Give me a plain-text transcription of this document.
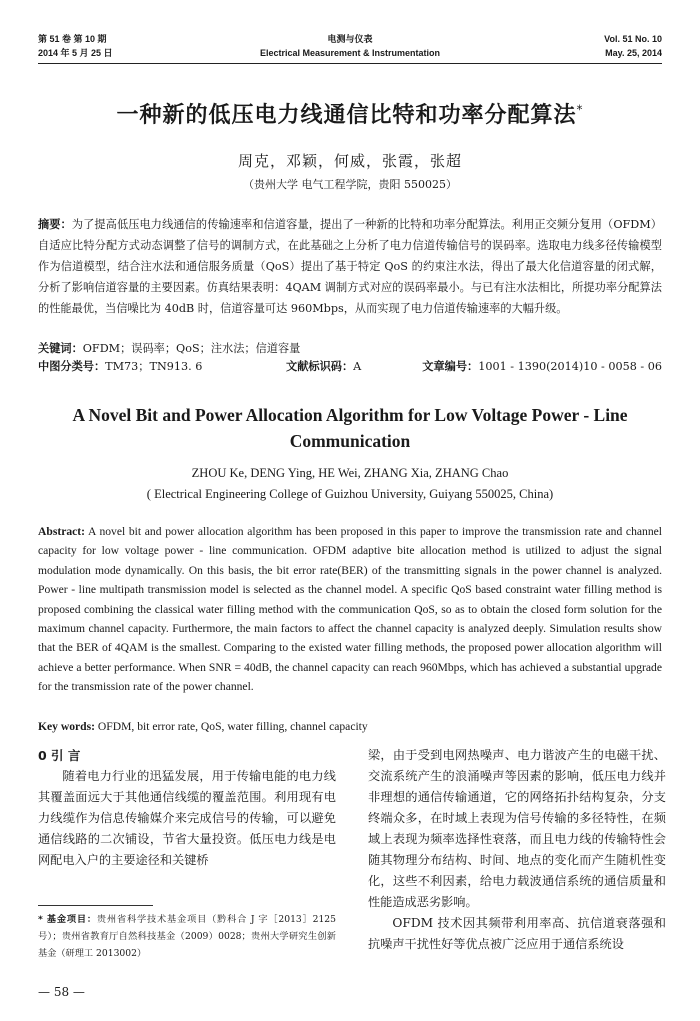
第 51 卷 第 10 期
2014 年 5 月 25 日
电测与仪表
Electrical Measurement & Instrumentation
Vol. 51 No. 10
May. 25, 2014
一种新的低压电力线通信比特和功率分配算法*
周克，邓颖，何威，张霞，张超
（贵州大学 电气工程学院，贵阳 550025）
摘要：为了提高低压电力线通信的传输速率和信道容量，提出了一种新的比特和功率分配算法。利用正交频分复用（OFDM）自适应比特分配方式动态调整了信号的调制方式，在此基础之上分析了电力信道传输信号的误码率。选取电力线多径传输模型作为信道模型，结合注水法和通信服务质量（QoS）提出了基于特定 QoS 的约束注水法，得出了最大化信道容量的闭式解，分析了影响信道容量的主要因素。仿真结果表明：4QAM 调制方式对应的误码率最小。与已有注水法相比，所提功率分配算法的性能最优，当信噪比为 40dB 时，信道容量可达 960Mbps，从而实现了电力信道传输速率的大幅升级。
关键词：OFDM；误码率；QoS；注水法；信道容量
中图分类号：TM73；TN913. 6	文献标识码：A	文章编号：1001 - 1390(2014)10 - 0058 - 06
A Novel Bit and Power Allocation Algorithm for Low Voltage Power - Line Communication
ZHOU Ke, DENG Ying, HE Wei, ZHANG Xia, ZHANG Chao
( Electrical Engineering College of Guizhou University, Guiyang 550025, China)
Abstract: A novel bit and power allocation algorithm has been proposed in this paper to improve the transmission rate and channel capacity for low voltage power - line communication. OFDM adaptive bite allocation method is utilized to adjust the signal modulation mode dynamically. On this basis, the bit error rate(BER) of the transmitting signals in the power channel is analyzed. Power - line multipath transmission model is selected as the channel model. A specific QoS based constraint water filling method is proposed combining the classical water filling method with the communication QoS, so as to obtain the closed form solution for the maximum channel capacity. Furthermore, the main factors to affect the channel capacity is analyzed deeply. Simulation results show that the BER of 4QAM is the smallest. Comparing to the existed water filling methods, the proposed power allocation algorithm will achieve a better performance. When SNR = 40dB, the channel capacity can reach 960Mbps, which has achieved a substantial upgrade for the transmission rate of the power channel.
Key words: OFDM, bit error rate, QoS, water filling, channel capacity
0 引 言

随着电力行业的迅猛发展，用于传输电能的电力线其覆盖面远大于其他通信线缆的覆盖范围。利用现有电力线缆作为信息传输媒介来完成信号的传输，可以避免通信线路的二次铺设，节省大量投资。低压电力线是电网配电入户的主要途径和关键桥

梁，由于受到电网热噪声、电力谐波产生的电磁干扰、交流系统产生的浪涌噪声等因素的影响，低压电力线并非理想的通信传输通道，它的网络拓扑结构复杂，分支终端众多，在时域上表现为信号传输的多径特性，在频域上表现为频率选择性衰落，而且电力线的传输特性会随其物理分布结构、时间、地点的变化而产生随机性变化，这些不利因素，给电力载波通信系统的通信质量和性能造成恶劣影响。

OFDM 技术因其频带利用率高、抗信道衰落强和抗噪声干扰性好等优点被广泛应用于通信系统设

* 基金项目：贵州省科学技术基金项目（黔科合 J 字［2013］2125 号）；贵州省教育厅自然科技基金（2009）0028；贵州大学研究生创新基金（研理工 2013002）
— 58 —
